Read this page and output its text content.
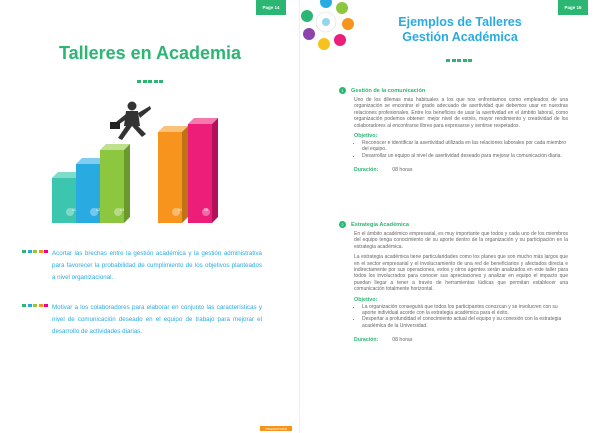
Page 14
Talleres en Academia
01	02	03	04	05

Acortar las brechas entre la gestión académica y la gestión administrativa para favorecer la probabilidad de cumplimiento de los objetivos planteados a nivel organizacional.

Motivar a los colaboradores para elaborar en conjunto las características y nivel de comunicación deseado en el equipo de trabajo para mejorar el desarrollo de actividades diarias.

OBSERVATORIO
Page 15
Ejemplos de Talleres
Gestión Académica
1	Gestión de la comunicación
Uno de los dilemas más habituales a los que nos enfrentamos como empleados de una organización se encontrar el grado adecuado de asertividad que debemos usar en nuestras relaciones profesionales. Entre los beneficios de usar la asertividad en el ámbito laboral, como organización podemos obtener: mejor nivel de estrés, mayor rendimiento y creatividad de los colaboradores al encontrarse libres para expresarse y sentirse respetados.
Objetivo:
• Reconocer e identificar la asertividad utilizada en las relaciones laborales por cada miembro del equipo.
• Desarrollar un equipo al nivel de asertividad deseado para mejorar la comunicación diaria.
Duración:	08 horas
2	Estrategia Académica
En el ámbito académico empresarial, es muy importante que todos y cada uno de los miembros del equipo tenga conocimiento de su aporte dentro de la organización y su participación en la estrategia académica.
La estrategia académica tiene particularidades como los planes que son mucho más largos que en el sector empresarial y el involucramiento de una red de beneficiarios y afectados directa e indirectamente por sus operaciones, estos y otros agentes serán analizados en este taller para todos los involucrados para conocer sus apreciaciones y analizar en equipo el impacto que puedan llegar a tener a través de herramientas lúdicas que permitan establecer una comunicación totalmente horizontal.
Objetivo:
• La organización conseguirá que todos los participantes conozcan y se involucren con su aporte individual acorde con la estrategia académica para el éxito.
• Despertar a profundidad el conocimiento actual del equipo y su conexión con la estrategia académica de la Universidad.
Duración:	08 horas
